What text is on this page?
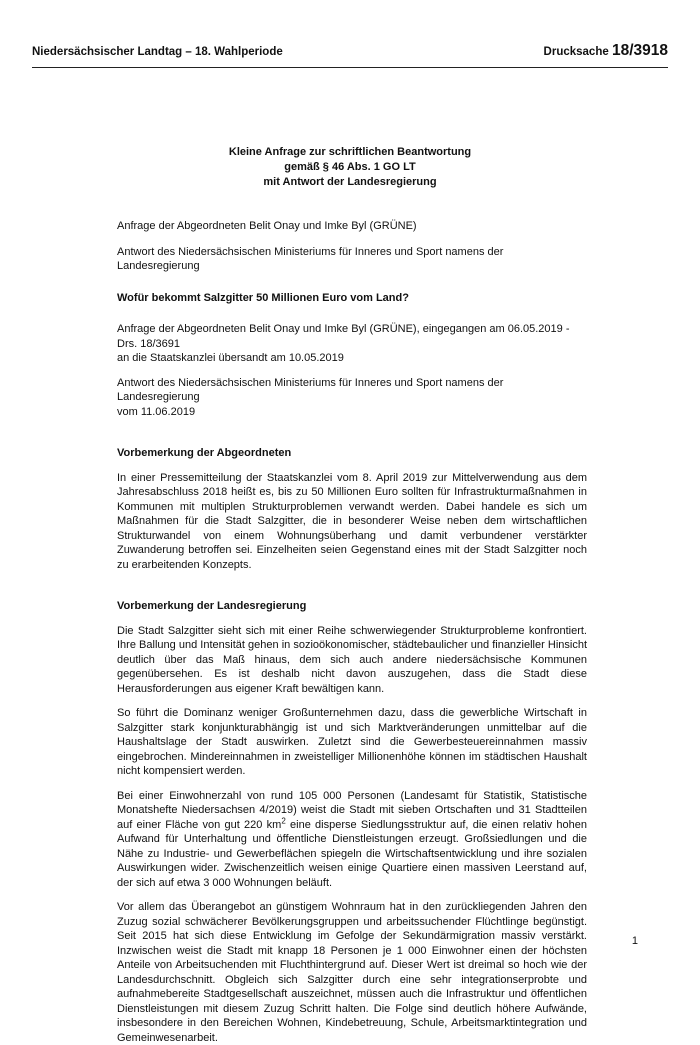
Niedersächsischer Landtag – 18. Wahlperiode	Drucksache 18/3918
Kleine Anfrage zur schriftlichen Beantwortung
gemäß § 46 Abs. 1 GO LT
mit Antwort der Landesregierung

Anfrage der Abgeordneten Belit Onay und Imke Byl (GRÜNE)

Antwort des Niedersächsischen Ministeriums für Inneres und Sport namens der Landesregierung

Wofür bekommt Salzgitter 50 Millionen Euro vom Land?

Anfrage der Abgeordneten Belit Onay und Imke Byl (GRÜNE), eingegangen am 06.05.2019 -
Drs. 18/3691
an die Staatskanzlei übersandt am 10.05.2019
Antwort des Niedersächsischen Ministeriums für Inneres und Sport namens der Landesregierung
vom 11.06.2019

Vorbemerkung der Abgeordneten

In einer Pressemitteilung der Staatskanzlei vom 8. April 2019 zur Mittelverwendung aus dem Jahresabschluss 2018 heißt es, bis zu 50 Millionen Euro sollten für Infrastrukturmaßnahmen in Kommunen mit multiplen Strukturproblemen verwandt werden. Dabei handele es sich um Maßnahmen für die Stadt Salzgitter, die in besonderer Weise neben dem wirtschaftlichen Strukturwandel von einem Wohnungsüberhang und damit verbundener verstärkter Zuwanderung betroffen sei. Einzelheiten seien Gegenstand eines mit der Stadt Salzgitter noch zu erarbeitenden Konzepts.

Vorbemerkung der Landesregierung

Die Stadt Salzgitter sieht sich mit einer Reihe schwerwiegender Strukturprobleme konfrontiert. Ihre Ballung und Intensität gehen in sozioökonomischer, städtebaulicher und finanzieller Hinsicht deutlich über das Maß hinaus, dem sich auch andere niedersächsische Kommunen gegenübersehen. Es ist deshalb nicht davon auszugehen, dass die Stadt diese Herausforderungen aus eigener Kraft bewältigen kann.

So führt die Dominanz weniger Großunternehmen dazu, dass die gewerbliche Wirtschaft in Salzgitter stark konjunkturabhängig ist und sich Marktveränderungen unmittelbar auf die Haushaltslage der Stadt auswirken. Zuletzt sind die Gewerbesteuereinnahmen massiv eingebrochen. Mindereinnahmen in zweistelliger Millionenhöhe können im städtischen Haushalt nicht kompensiert werden.

Bei einer Einwohnerzahl von rund 105 000 Personen (Landesamt für Statistik, Statistische Monatshefte Niedersachsen 4/2019) weist die Stadt mit sieben Ortschaften und 31 Stadtteilen auf einer Fläche von gut 220 $km^2$ eine disperse Siedlungsstruktur auf, die einen relativ hohen Aufwand für Unterhaltung und öffentliche Dienstleistungen erzeugt. Großsiedlungen und die Nähe zu Industrie- und Gewerbeflächen spiegeln die Wirtschaftsentwicklung und ihre sozialen Auswirkungen wider. Zwischenzeitlich weisen einige Quartiere einen massiven Leerstand auf, der sich auf etwa 3 000 Wohnungen beläuft.

Vor allem das Überangebot an günstigem Wohnraum hat in den zurückliegenden Jahren den Zuzug sozial schwächerer Bevölkerungsgruppen und arbeitssuchender Flüchtlinge begünstigt. Seit 2015 hat sich diese Entwicklung im Gefolge der Sekundärmigration massiv verstärkt. Inzwischen weist die Stadt mit knapp 18 Personen je 1 000 Einwohner einen der höchsten Anteile von Arbeitsuchenden mit Fluchthintergrund auf. Dieser Wert ist dreimal so hoch wie der Landesdurchschnitt. Obgleich sich Salzgitter durch eine sehr integrationserprobte und aufnahmebereite Stadtgesellschaft auszeichnet, müssen auch die Infrastruktur und öffentlichen Dienstleistungen mit diesem Zuzug Schritt halten. Die Folge sind deutlich höhere Aufwände, insbesondere in den Bereichen Wohnen, Kindebetreuung, Schule, Arbeitsmarktintegration und Gemeinwesenarbeit.

1
